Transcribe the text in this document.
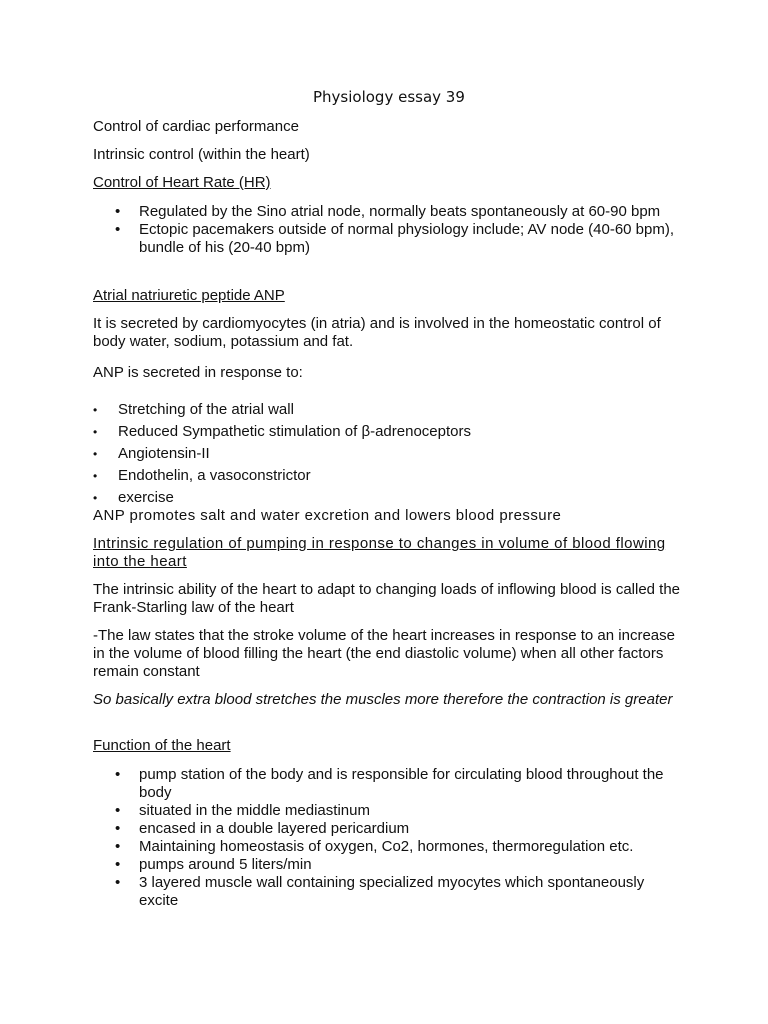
Physiology essay 39

Control of cardiac performance

Intrinsic control (within the heart)

Control of Heart Rate (HR)

• Regulated by the Sino atrial node, normally beats spontaneously at 60-90 bpm
• Ectopic pacemakers outside of normal physiology include; AV node (40-60 bpm), bundle of his (20-40 bpm)

Atrial natriuretic peptide ANP

It is secreted by cardiomyocytes (in atria) and is involved in the homeostatic control of body water, sodium, potassium and fat.

ANP is secreted in response to:

• Stretching of the atrial wall
• Reduced Sympathetic stimulation of β-adrenoceptors
• Angiotensin-II
• Endothelin, a vasoconstrictor
• exercise

ANP promotes salt and water excretion and lowers blood pressure

Intrinsic regulation of pumping in response to changes in volume of blood flowing into the heart

The intrinsic ability of the heart to adapt to changing loads of inflowing blood is called the Frank-Starling law of the heart

-The law states that the stroke volume of the heart increases in response to an increase in the volume of blood filling the heart (the end diastolic volume) when all other factors remain constant

So basically extra blood stretches the muscles more therefore the contraction is greater

Function of the heart

• pump station of the body and is responsible for circulating blood throughout the body
• situated in the middle mediastinum
• encased in a double layered pericardium
• Maintaining homeostasis of oxygen, Co2, hormones, thermoregulation etc.
• pumps around 5 liters/min
• 3 layered muscle wall containing specialized myocytes which spontaneously excite
